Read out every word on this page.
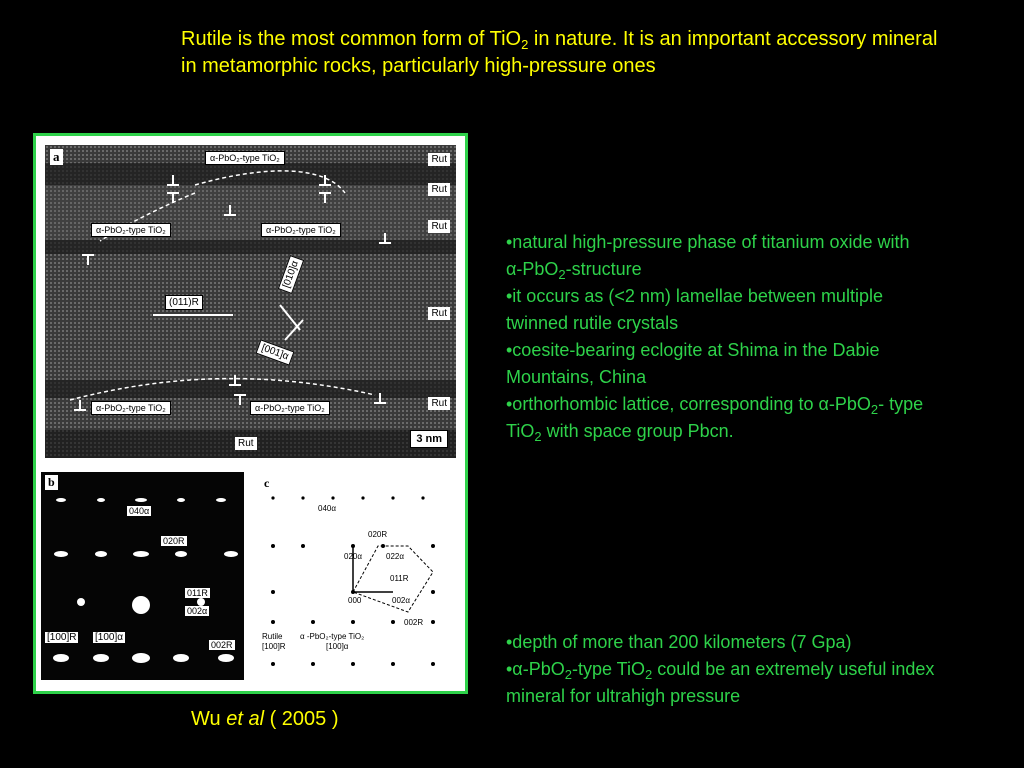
Rutile is the most common form of TiO$_2$ in nature. It is an important accessory mineral in metamorphic rocks, particularly high-pressure ones
a	α-PbO₂-type TiO₂
α-PbO₂-type TiO₂	α-PbO₂-type TiO₂
α-PbO₂-type TiO₂	α-PbO₂-type TiO₂
Rut
Rut
Rut
Rut
Rut
Rut
(011)R
[010]α
[001]α
3 nm
b
040α
020R
011R
002α
[100]R [100]α
002R
c
040α
020R
020α	022α
011R
000	002α
002R
Rutile
[100]R
α -PbO₂-type TiO₂
[100]α
•natural high-pressure phase of titanium oxide with α-PbO$_2$-structure
•it occurs as (<2 nm) lamellae between multiple twinned rutile crystals
•coesite-bearing eclogite at Shima in the Dabie Mountains, China
•orthorhombic lattice, corresponding to α-PbO$_2$- type TiO$_2$ with space group Pbcn.
•depth of more than 200 kilometers (7 Gpa)
•α-PbO$_2$-type TiO$_2$ could be an extremely useful index mineral for ultrahigh pressure
Wu et al ( 2005 )
